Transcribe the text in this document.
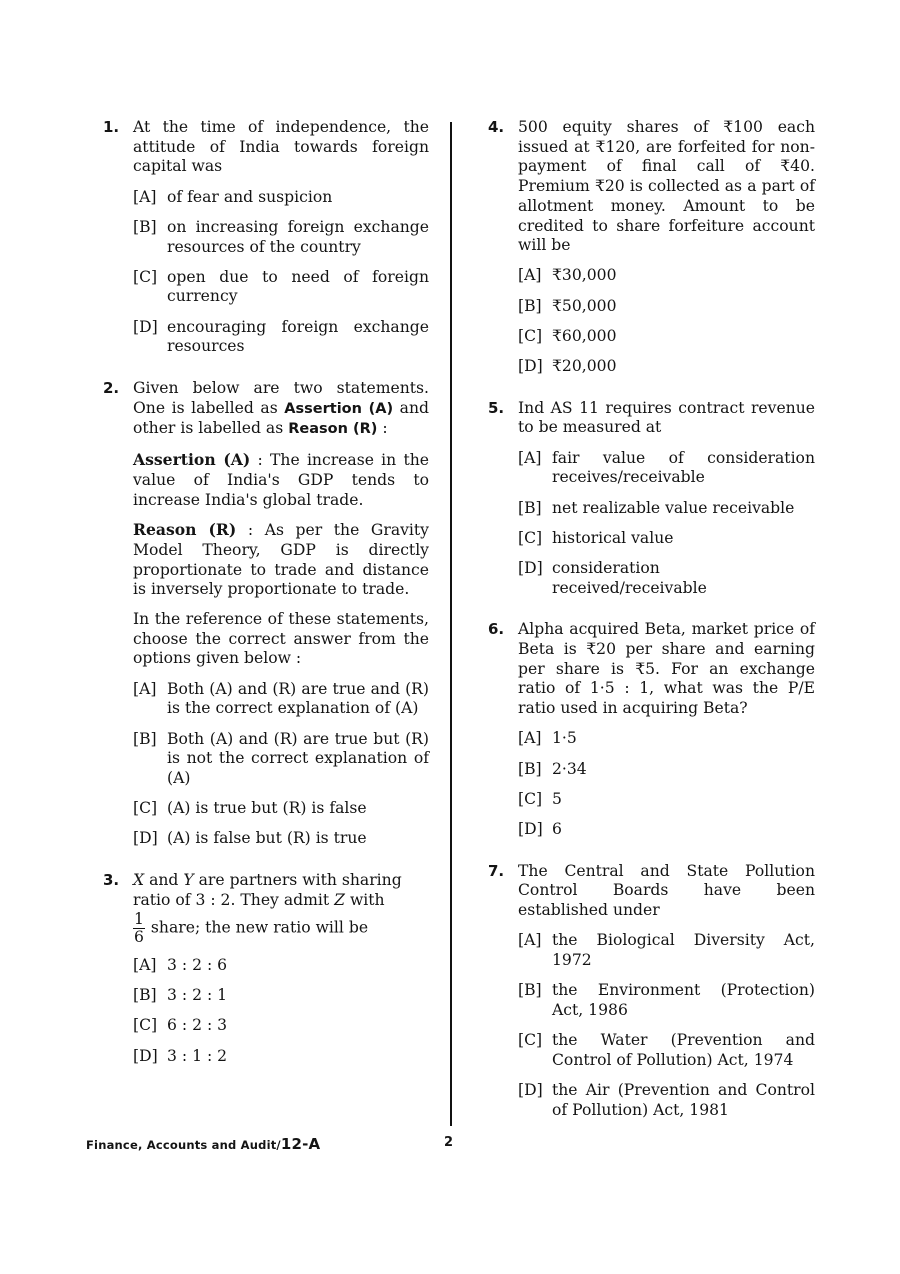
1. At the time of independence, the attitude of India towards foreign capital was

[A] of fear and suspicion
[B] on increasing foreign exchange resources of the country
[C] open due to need of foreign currency
[D] encouraging foreign exchange resources
2. Given below are two statements. One is labelled as Assertion (A) and other is labelled as Reason (R) :

Assertion (A) : The increase in the value of India's GDP tends to increase India's global trade.

Reason (R) : As per the Gravity Model Theory, GDP is directly proportionate to trade and distance is inversely proportionate to trade.

In the reference of these statements, choose the correct answer from the options given below :

[A] Both (A) and (R) are true and (R) is the correct explanation of (A)
[B] Both (A) and (R) are true but (R) is not the correct explanation of (A)
[C] (A) is true but (R) is false
[D] (A) is false but (R) is true
3. X and Y are partners with sharing ratio of 3 : 2. They admit Z with

$\frac{1}{6}$ share; the new ratio will be

[A] 3 : 2 : 6
[B] 3 : 2 : 1
[C] 6 : 2 : 3
[D] 3 : 1 : 2
4. 500 equity shares of ₹100 each issued at ₹120, are forfeited for non-payment of final call of ₹40. Premium ₹20 is collected as a part of allotment money. Amount to be credited to share forfeiture account will be

[A] ₹30,000
[B] ₹50,000
[C] ₹60,000
[D] ₹20,000
5. Ind AS 11 requires contract revenue to be measured at

[A] fair value of consideration receives/receivable
[B] net realizable value receivable
[C] historical value
[D] consideration received/receivable
6. Alpha acquired Beta, market price of Beta is ₹20 per share and earning per share is ₹5. For an exchange ratio of 1·5 : 1, what was the P/E ratio used in acquiring Beta?

[A] 1·5
[B] 2·34
[C] 5
[D] 6
7. The Central and State Pollution Control Boards have been established under

[A] the Biological Diversity Act, 1972
[B] the Environment (Protection) Act, 1986
[C] the Water (Prevention and Control of Pollution) Act, 1974
[D] the Air (Prevention and Control of Pollution) Act, 1981
Finance, Accounts and Audit/12-A	2
